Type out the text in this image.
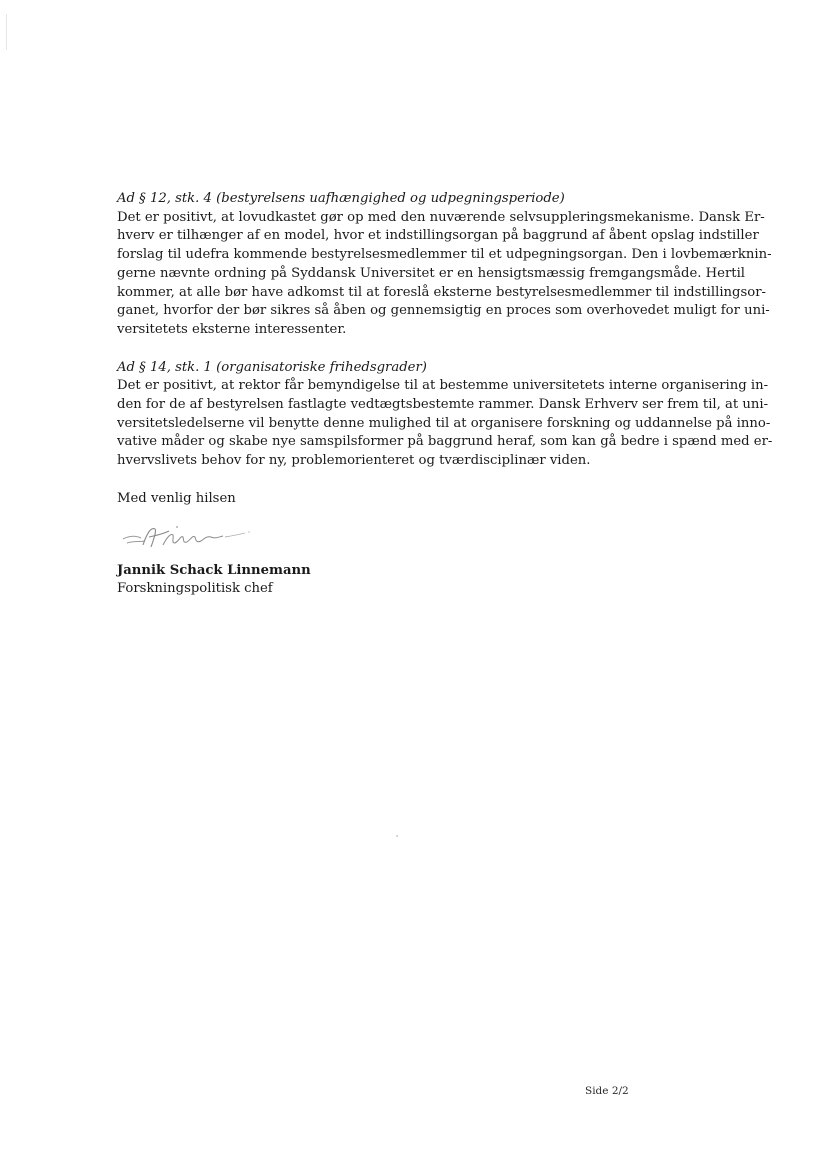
Ad § 12, stk. 4 (bestyrelsens uafhængighed og udpegningsperiode)
Det er positivt, at lovudkastet gør op med den nuværende selvsuppleringsmekanisme. Dansk Er-
hverv er tilhænger af en model, hvor et indstillingsorgan på baggrund af åbent opslag indstiller
forslag til udefra kommende bestyrelsesmedlemmer til et udpegningsorgan. Den i lovbemærknin-
gerne nævnte ordning på Syddansk Universitet er en hensigtsmæssig fremgangsmåde. Hertil
kommer, at alle bør have adkomst til at foreslå eksterne bestyrelsesmedlemmer til indstillingsor-
ganet, hvorfor der bør sikres så åben og gennemsigtig en proces som overhovedet muligt for uni-
versitetets eksterne interessenter.
Ad § 14, stk. 1 (organisatoriske frihedsgrader)
Det er positivt, at rektor får bemyndigelse til at bestemme universitetets interne organisering in-
den for de af bestyrelsen fastlagte vedtægtsbestemte rammer. Dansk Erhverv ser frem til, at uni-
versitetsledelserne vil benytte denne mulighed til at organisere forskning og uddannelse på inno-
vative måder og skabe nye samspilsformer på baggrund heraf, som kan gå bedre i spænd med er-
hvervslivets behov for ny, problemorienteret og tværdisciplinær viden.
Med venlig hilsen
Jannik Schack Linnemann
Forskningspolitisk chef
Side 2/2
